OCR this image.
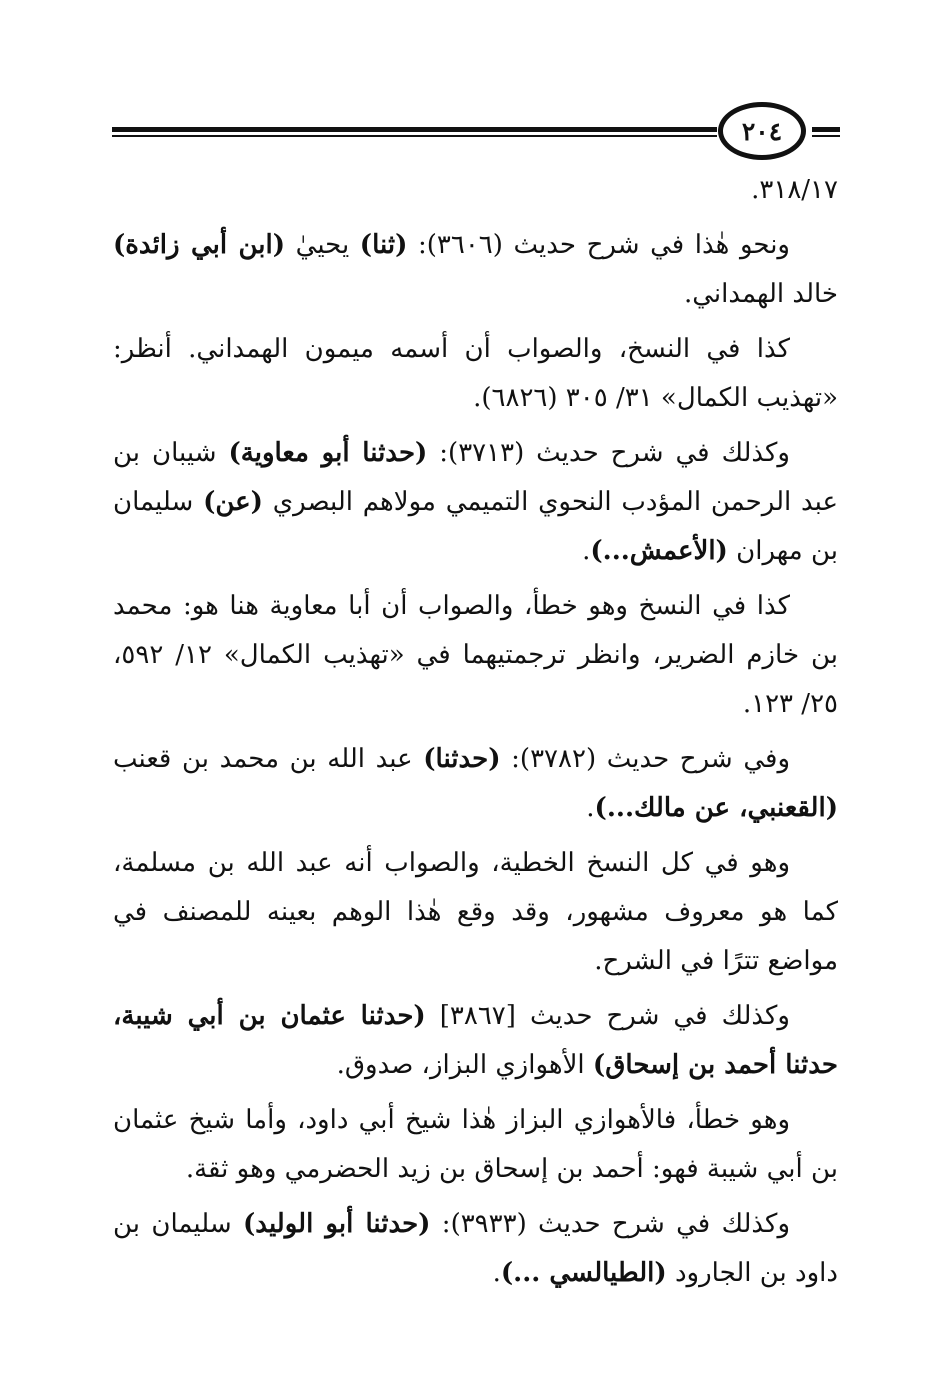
٢٠٤

٣١٨/١٧.

ونحو هٰذا في شرح حديث (٣٦٠٦): (ثنا) يحييٰ (ابن أبي زائدة) خالد الهمداني.

كذا في النسخ، والصواب أن أسمه ميمون الهمداني. أنظر: «تهذيب الكمال» ٣١/ ٣٠٥ (٦٨٢٦).

وكذلك في شرح حديث (٣٧١٣): (حدثنا أبو معاوية) شيبان بن عبد الرحمن المؤدب النحوي التميمي مولاهم البصري (عن) سليمان بن مهران (الأعمش...).

كذا في النسخ وهو خطأ، والصواب أن أبا معاوية هنا هو: محمد بن خازم الضرير، وانظر ترجمتيهما في «تهذيب الكمال» ١٢/ ٥٩٢، ٢٥/ ١٢٣.

وفي شرح حديث (٣٧٨٢): (حدثنا) عبد الله بن محمد بن قعنب (القعنبي، عن مالك...).

وهو في كل النسخ الخطية، والصواب أنه عبد الله بن مسلمة، كما هو معروف مشهور، وقد وقع هٰذا الوهم بعينه للمصنف في مواضع تترًا في الشرح.

وكذلك في شرح حديث [٣٨٦٧] (حدثنا عثمان بن أبي شيبة، حدثنا أحمد بن إسحاق) الأهوازي البزاز، صدوق.

وهو خطأ، فالأهوازي البزاز هٰذا شيخ أبي داود، وأما شيخ عثمان بن أبي شيبة فهو: أحمد بن إسحاق بن زيد الحضرمي وهو ثقة.

وكذلك في شرح حديث (٣٩٣٣): (حدثنا أبو الوليد) سليمان بن داود بن الجارود (الطيالسي ...).
